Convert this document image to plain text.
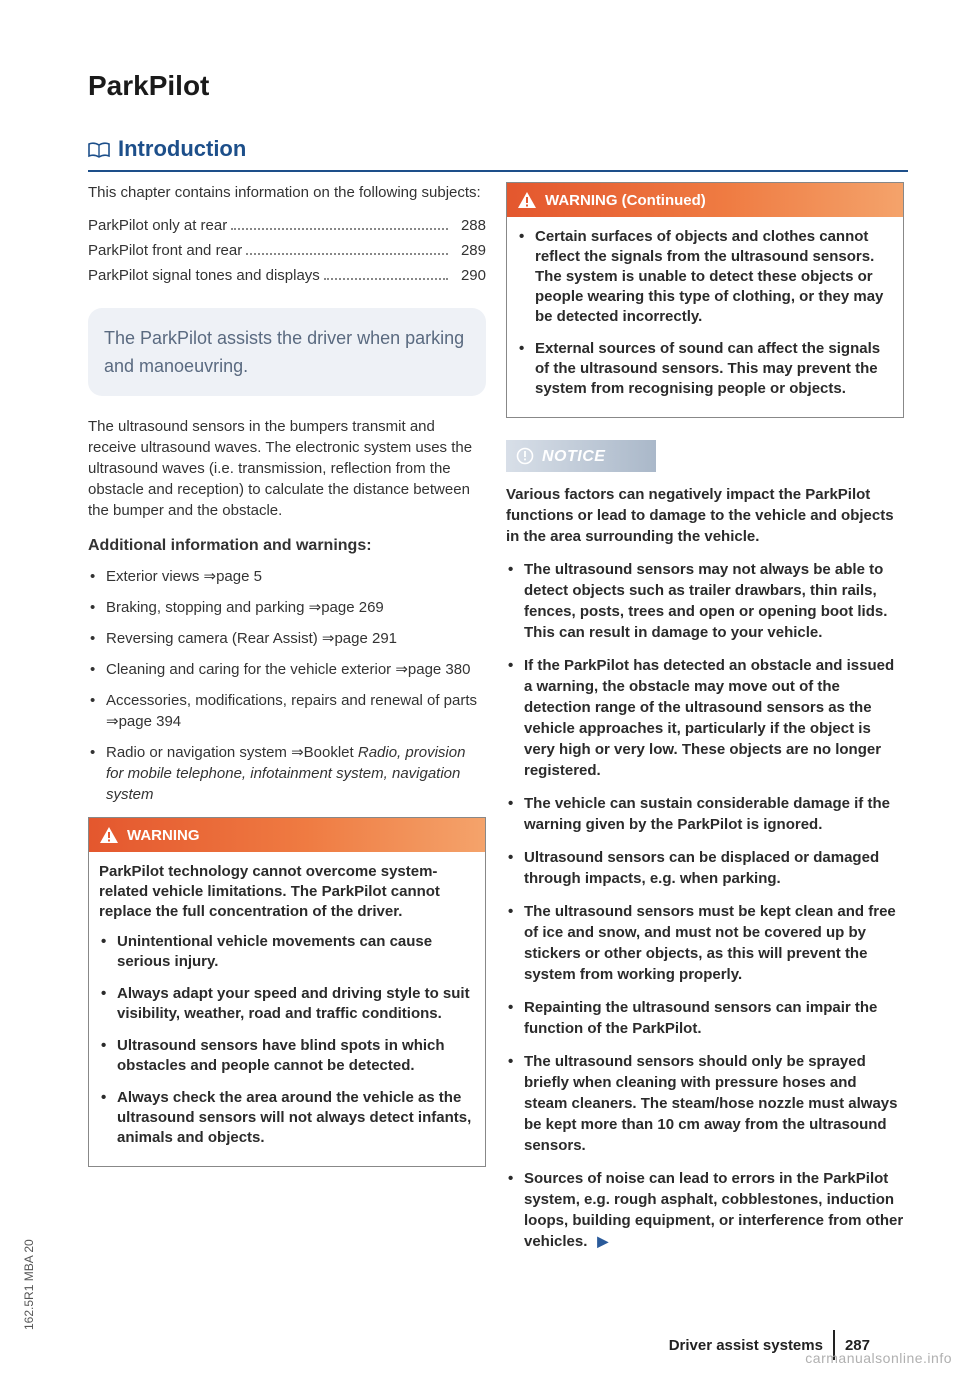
ParkPilot
Introduction

This chapter contains information on the following subjects:

ParkPilot only at rear	288
ParkPilot front and rear	289
ParkPilot signal tones and displays	290
The ParkPilot assists the driver when parking and manoeuvring.

The ultrasound sensors in the bumpers transmit and receive ultrasound waves. The electronic system uses the ultrasound waves (i.e. transmission, reflection from the obstacle and reception) to calculate the distance between the bumper and the obstacle.

Additional information and warnings:
• Exterior views ⇒page 5
• Braking, stopping and parking ⇒page 269
• Reversing camera (Rear Assist) ⇒page 291
• Cleaning and caring for the vehicle exterior ⇒page 380
• Accessories, modifications, repairs and renewal of parts ⇒page 394
• Radio or navigation system ⇒Booklet Radio, provision for mobile telephone, infotainment system, navigation system
WARNING

ParkPilot technology cannot overcome system-related vehicle limitations. The ParkPilot cannot replace the full concentration of the driver.

• Unintentional vehicle movements can cause serious injury.
• Always adapt your speed and driving style to suit visibility, weather, road and traffic conditions.
• Ultrasound sensors have blind spots in which obstacles and people cannot be detected.
• Always check the area around the vehicle as the ultrasound sensors will not always detect infants, animals and objects.
WARNING (Continued)
• Certain surfaces of objects and clothes cannot reflect the signals from the ultrasound sensors. The system is unable to detect these objects or people wearing this type of clothing, or they may be detected incorrectly.
• External sources of sound can affect the signals of the ultrasound sensors. This may prevent the system from recognising people or objects.
NOTICE

Various factors can negatively impact the ParkPilot functions or lead to damage to the vehicle and objects in the area surrounding the vehicle.

• The ultrasound sensors may not always be able to detect objects such as trailer drawbars, thin rails, fences, posts, trees and open or opening boot lids. This can result in damage to your vehicle.
• If the ParkPilot has detected an obstacle and issued a warning, the obstacle may move out of the detection range of the ultrasound sensors as the vehicle approaches it, particularly if the object is very high or very low. These objects are no longer registered.
• The vehicle can sustain considerable damage if the warning given by the ParkPilot is ignored.
• Ultrasound sensors can be displaced or damaged through impacts, e.g. when parking.
• The ultrasound sensors must be kept clean and free of ice and snow, and must not be covered up by stickers or other objects, as this will prevent the system from working properly.
• Repainting the ultrasound sensors can impair the function of the ParkPilot.
• The ultrasound sensors should only be sprayed briefly when cleaning with pressure hoses and steam cleaners. The steam/hose nozzle must always be kept more than 10 cm away from the ultrasound sensors.
• Sources of noise can lead to errors in the ParkPilot system, e.g. rough asphalt, cobblestones, induction loops, building equipment, or interference from other vehicles. ▶
162.5R1 MBA 20
Driver assist systems 287
carmanualsonline.info
